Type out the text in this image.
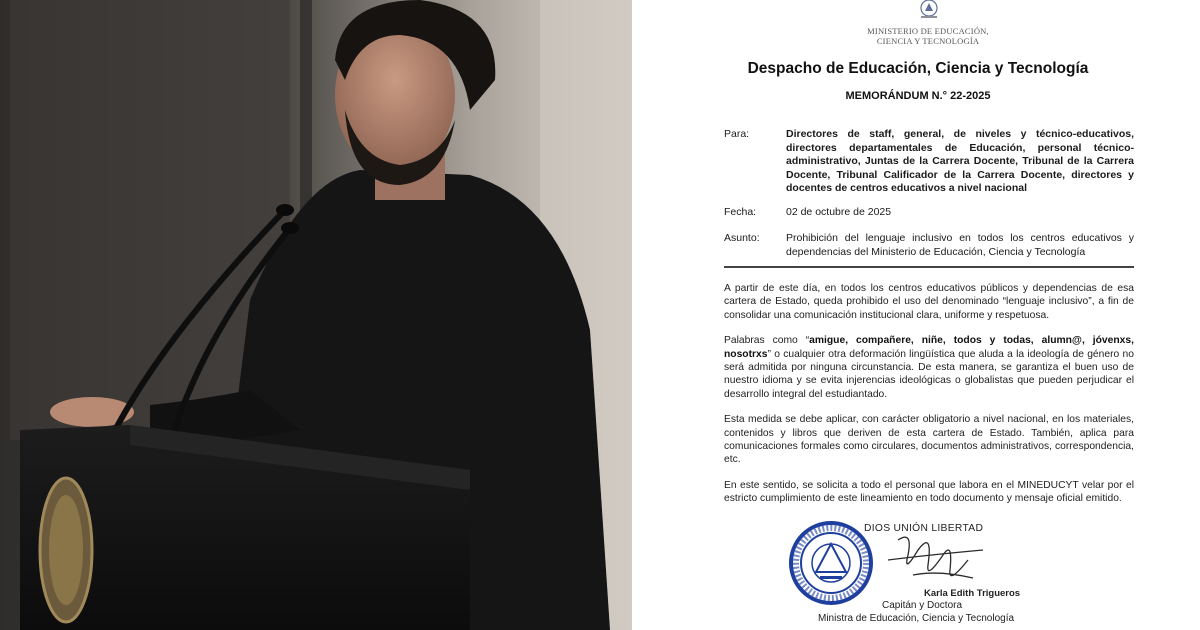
MINISTERIO DE EDUCACIÓN,
CIENCIA Y TECNOLOGÍA
Despacho de Educación, Ciencia y Tecnología
MEMORÁNDUM N.° 22-2025
Para:	Directores de staff, general, de niveles y técnico-educativos, directores departamentales de Educación, personal técnico-administrativo, Juntas de la Carrera Docente, Tribunal de la Carrera Docente, Tribunal Calificador de la Carrera Docente, directores y docentes de centros educativos a nivel nacional
Fecha:	02 de octubre de 2025
Asunto:	Prohibición del lenguaje inclusivo en todos los centros educativos y dependencias del Ministerio de Educación, Ciencia y Tecnología

A partir de este día, en todos los centros educativos públicos y dependencias de esa cartera de Estado, queda prohibido el uso del denominado “lenguaje inclusivo”, a fin de consolidar una comunicación institucional clara, uniforme y respetuosa.

Palabras como “amigue, compañere, niñe, todos y todas, alumn@, jóvenxs, nosotrxs” o cualquier otra deformación lingüística que aluda a la ideología de género no será admitida por ninguna circunstancia. De esta manera, se garantiza el buen uso de nuestro idioma y se evita injerencias ideológicas o globalistas que pueden perjudicar el desarrollo integral del estudiantado.

Esta medida se debe aplicar, con carácter obligatorio a nivel nacional, en los materiales, contenidos y libros que deriven de esta cartera de Estado. También, aplica para comunicaciones formales como circulares, documentos administrativos, correspondencia, etc.

En este sentido, se solicita a todo el personal que labora en el MINEDUCYT velar por el estricto cumplimiento de este lineamiento en todo documento y mensaje oficial emitido.

DIOS UNIÓN LIBERTAD
Karla Edith Trigueros
Capitán y Doctora
Ministra de Educación, Ciencia y Tecnología
